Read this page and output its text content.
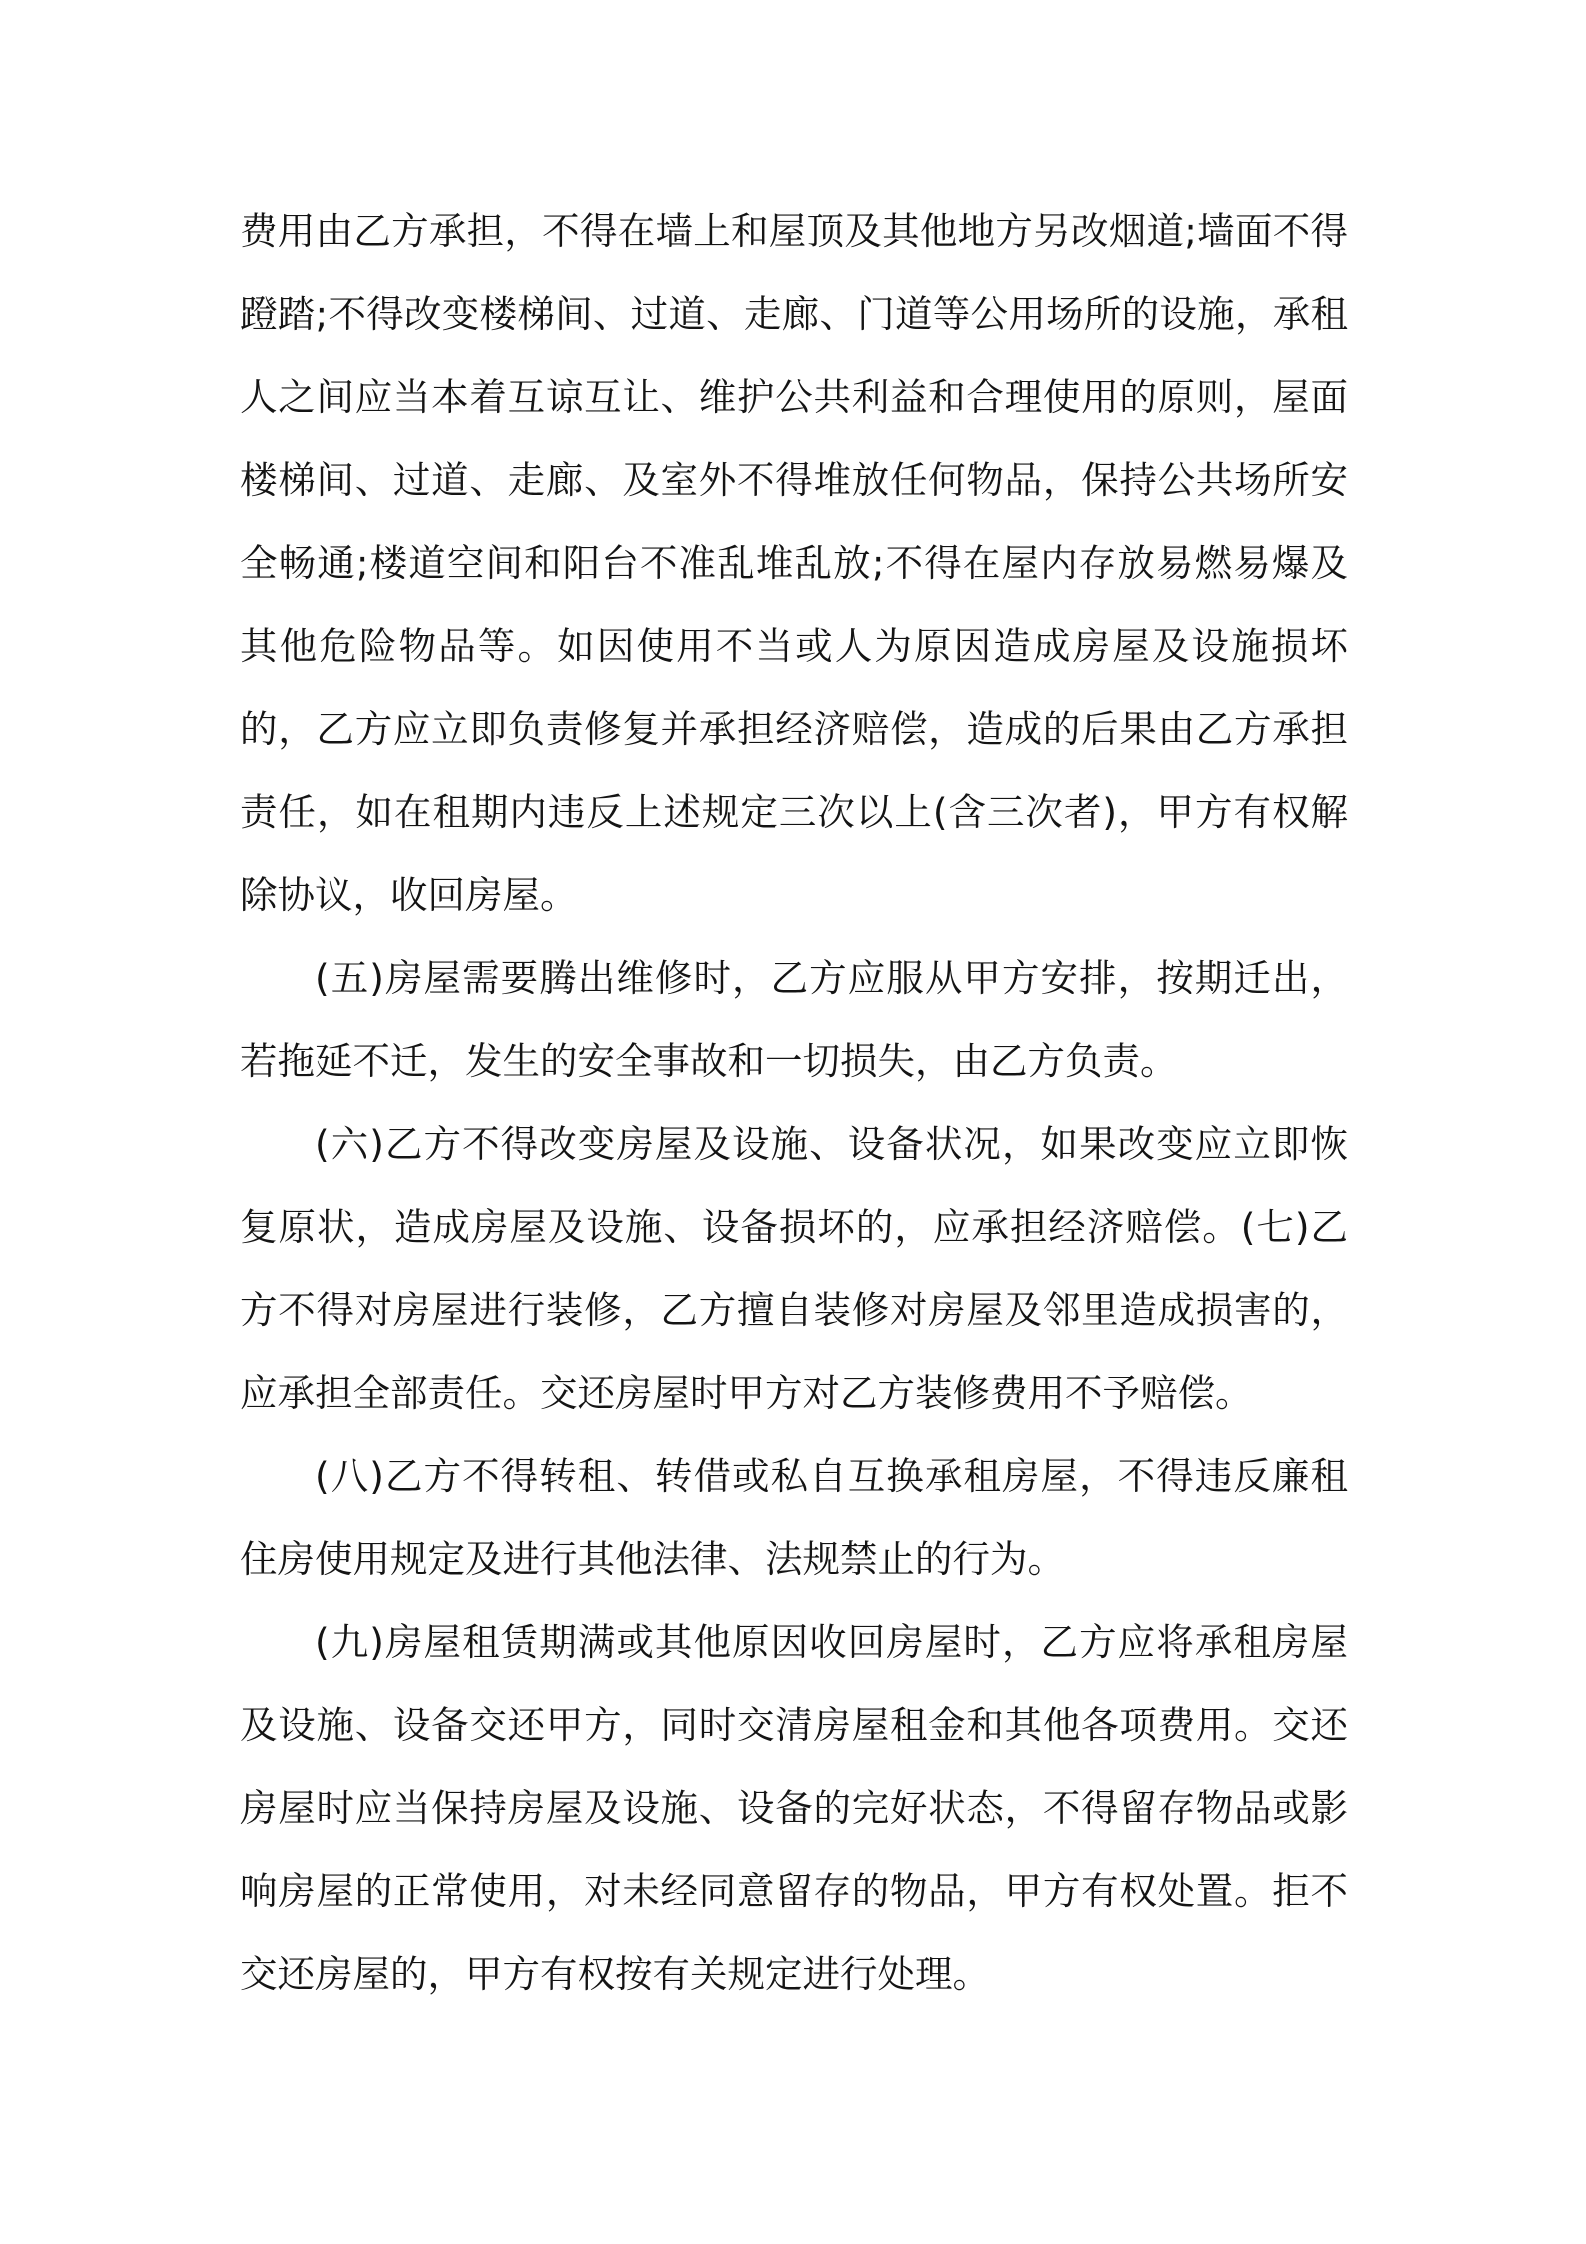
费用由乙方承担，不得在墙上和屋顶及其他地方另改烟道;墙面不得蹬踏;不得改变楼梯间、过道、走廊、门道等公用场所的设施，承租人之间应当本着互谅互让、维护公共利益和合理使用的原则，屋面楼梯间、过道、走廊、及室外不得堆放任何物品，保持公共场所安全畅通;楼道空间和阳台不准乱堆乱放;不得在屋内存放易燃易爆及其他危险物品等。如因使用不当或人为原因造成房屋及设施损坏的，乙方应立即负责修复并承担经济赔偿，造成的后果由乙方承担责任，如在租期内违反上述规定三次以上(含三次者)，甲方有权解除协议，收回房屋。

(五)房屋需要腾出维修时，乙方应服从甲方安排，按期迁出，若拖延不迁，发生的安全事故和一切损失，由乙方负责。

(六)乙方不得改变房屋及设施、设备状况，如果改变应立即恢复原状，造成房屋及设施、设备损坏的，应承担经济赔偿。(七)乙方不得对房屋进行装修，乙方擅自装修对房屋及邻里造成损害的，应承担全部责任。交还房屋时甲方对乙方装修费用不予赔偿。

(八)乙方不得转租、转借或私自互换承租房屋，不得违反廉租住房使用规定及进行其他法律、法规禁止的行为。

(九)房屋租赁期满或其他原因收回房屋时，乙方应将承租房屋及设施、设备交还甲方，同时交清房屋租金和其他各项费用。交还房屋时应当保持房屋及设施、设备的完好状态，不得留存物品或影响房屋的正常使用，对未经同意留存的物品，甲方有权处置。拒不交还房屋的，甲方有权按有关规定进行处理。
